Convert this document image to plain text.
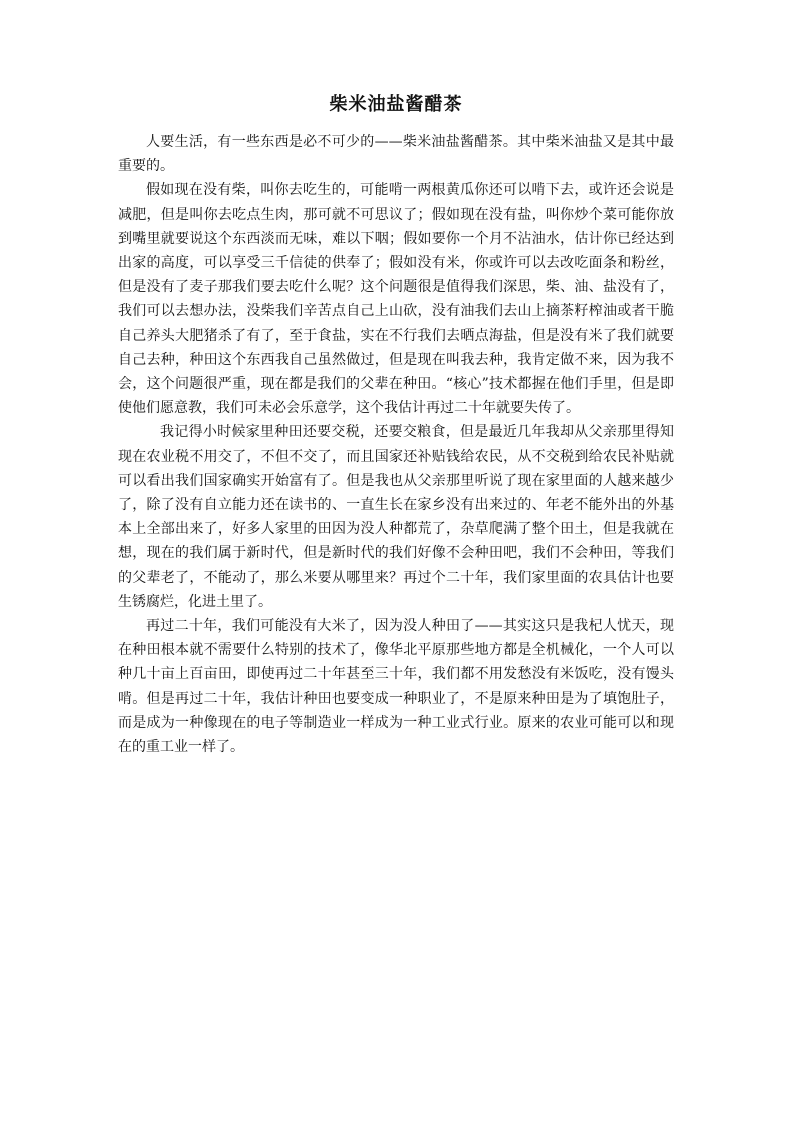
柴米油盐酱醋茶

人要生活，有一些东西是必不可少的——柴米油盐酱醋茶。其中柴米油盐又是其中最重要的。

假如现在没有柴，叫你去吃生的，可能啃一两根黄瓜你还可以啃下去，或许还会说是减肥，但是叫你去吃点生肉，那可就不可思议了；假如现在没有盐，叫你炒个菜可能你放到嘴里就要说这个东西淡而无味，难以下咽；假如要你一个月不沾油水，估计你已经达到出家的高度，可以享受三千信徒的供奉了；假如没有米，你或许可以去改吃面条和粉丝，但是没有了麦子那我们要去吃什么呢？这个问题很是值得我们深思，柴、油、盐没有了，我们可以去想办法，没柴我们辛苦点自己上山砍，没有油我们去山上摘茶籽榨油或者干脆自己养头大肥猪杀了有了，至于食盐，实在不行我们去晒点海盐，但是没有米了我们就要自己去种，种田这个东西我自己虽然做过，但是现在叫我去种，我肯定做不来，因为我不会，这个问题很严重，现在都是我们的父辈在种田。“核心”技术都握在他们手里，但是即使他们愿意教，我们可未必会乐意学，这个我估计再过二十年就要失传了。

我记得小时候家里种田还要交税，还要交粮食，但是最近几年我却从父亲那里得知现在农业税不用交了，不但不交了，而且国家还补贴钱给农民，从不交税到给农民补贴就可以看出我们国家确实开始富有了。但是我也从父亲那里听说了现在家里面的人越来越少了，除了没有自立能力还在读书的、一直生长在家乡没有出来过的、年老不能外出的外基本上全部出来了，好多人家里的田因为没人种都荒了，杂草爬满了整个田土，但是我就在想，现在的我们属于新时代，但是新时代的我们好像不会种田吧，我们不会种田，等我们的父辈老了，不能动了，那么米要从哪里来？再过个二十年，我们家里面的农具估计也要生锈腐烂，化进土里了。

再过二十年，我们可能没有大米了，因为没人种田了——其实这只是我杞人忧天，现在种田根本就不需要什么特别的技术了，像华北平原那些地方都是全机械化，一个人可以种几十亩上百亩田，即使再过二十年甚至三十年，我们都不用发愁没有米饭吃，没有馒头啃。但是再过二十年，我估计种田也要变成一种职业了，不是原来种田是为了填饱肚子，而是成为一种像现在的电子等制造业一样成为一种工业式行业。原来的农业可能可以和现在的重工业一样了。
